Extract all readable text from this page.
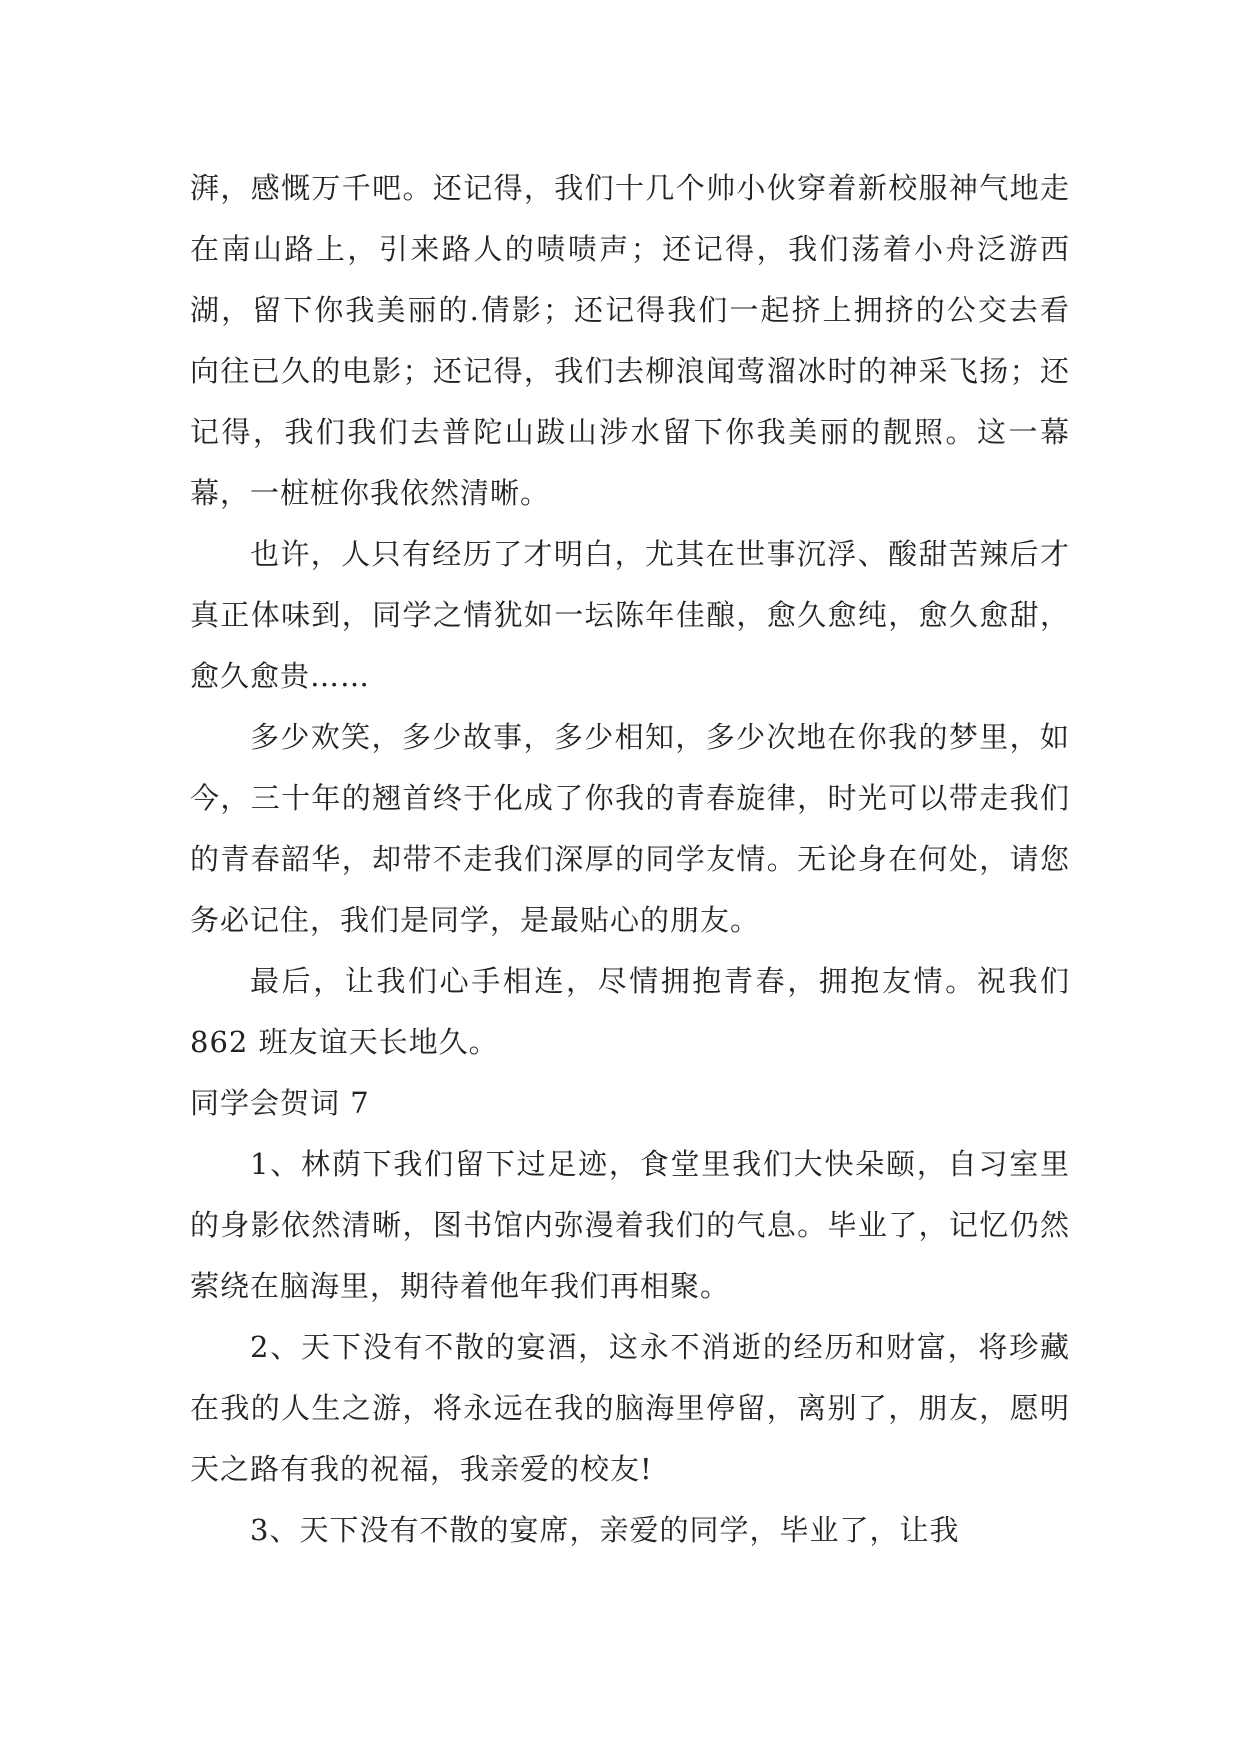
湃，感慨万千吧。还记得，我们十几个帅小伙穿着新校服神气地走在南山路上，引来路人的啧啧声；还记得，我们荡着小舟泛游西湖，留下你我美丽的.倩影；还记得我们一起挤上拥挤的公交去看向往已久的电影；还记得，我们去柳浪闻莺溜冰时的神采飞扬；还记得，我们我们去普陀山跋山涉水留下你我美丽的靓照。这一幕幕，一桩桩你我依然清晰。

也许，人只有经历了才明白，尤其在世事沉浮、酸甜苦辣后才真正体味到，同学之情犹如一坛陈年佳酿，愈久愈纯，愈久愈甜，愈久愈贵……

多少欢笑，多少故事，多少相知，多少次地在你我的梦里，如今，三十年的翘首终于化成了你我的青春旋律，时光可以带走我们的青春韶华，却带不走我们深厚的同学友情。无论身在何处，请您务必记住，我们是同学，是最贴心的朋友。

最后，让我们心手相连，尽情拥抱青春，拥抱友情。祝我们 862 班友谊天长地久。

同学会贺词 7

1、林荫下我们留下过足迹，食堂里我们大快朵颐，自习室里的身影依然清晰，图书馆内弥漫着我们的气息。毕业了，记忆仍然萦绕在脑海里，期待着他年我们再相聚。

2、天下没有不散的宴酒，这永不消逝的经历和财富，将珍藏在我的人生之游，将永远在我的脑海里停留，离别了，朋友，愿明天之路有我的祝福，我亲爱的校友!

3、天下没有不散的宴席，亲爱的同学，毕业了，让我
